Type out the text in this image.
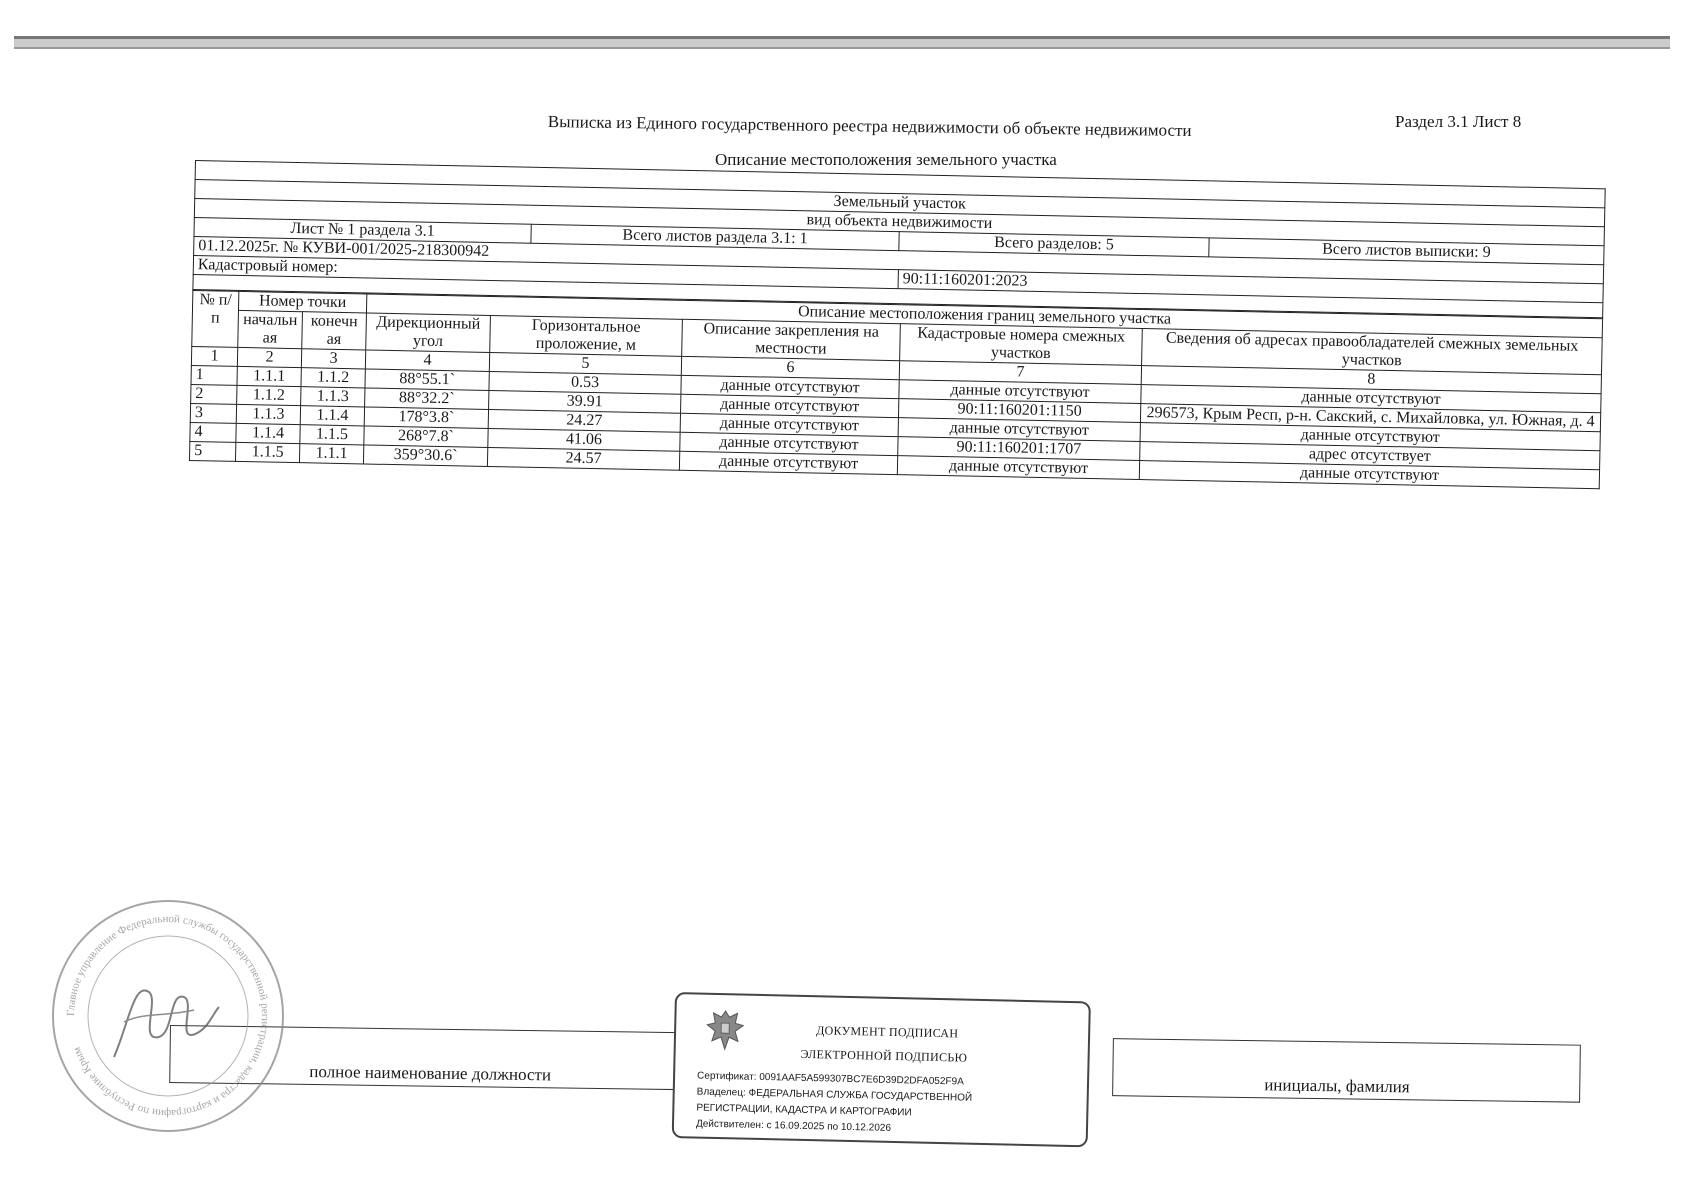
Выписка из Единого государственного реестра недвижимости об объекте недвижимости	Раздел 3.1 Лист 8
Описание местоположения земельного участка

Земельный участок			
вид объекта недвижимости			
Лист № 1 раздела 3.1	Всего листов раздела 3.1: 1	Всего разделов: 5	Всего листов выписки: 9
01.12.2025г. № КУВИ-001/2025-218300942			
Кадастровый номер:		90:11:160201:2023	

№ п/п	Номер точки		Описание местоположения границ земельного участка				
	начальн ая	конечн ая	Дирекционный угол	Горизонтальное проложение, м	Описание закрепления на местности	Кадастровые номера смежных участков	Сведения об адресах правообладателей смежных земельных участков

1	2	3	4	5	6	7	8
1	1.1.1	1.1.2	88°55.1`	0.53	данные отсутствуют	данные отсутствуют	данные отсутствуют
2	1.1.2	1.1.3	88°32.2`	39.91	данные отсутствуют	90:11:160201:1150	296573, Крым Респ, р-н. Сакский, с. Михайловка, ул. Южная, д. 4
3	1.1.3	1.1.4	178°3.8`	24.27	данные отсутствуют	данные отсутствуют	данные отсутствуют
4	1.1.4	1.1.5	268°7.8`	41.06	данные отсутствуют	90:11:160201:1707	адрес отсутствует
5	1.1.5	1.1.1	359°30.6`	24.57	данные отсутствуют	данные отсутствуют	данные отсутствуют
полное наименование должности
инициалы, фамилия
Главное управление Федеральной службы государственной регистрации, кадастра и картографии по Республике Крым
ДОКУМЕНТ ПОДПИСАН
ЭЛЕКТРОННОЙ ПОДПИСЬЮ
Сертификат: 0091AAF5A599307BC7E6D39D2DFA052F9A
Владелец: ФЕДЕРАЛЬНАЯ СЛУЖБА ГОСУДАРСТВЕННОЙ
РЕГИСТРАЦИИ, КАДАСТРА И КАРТОГРАФИИ
Действителен: с 16.09.2025 по 10.12.2026
